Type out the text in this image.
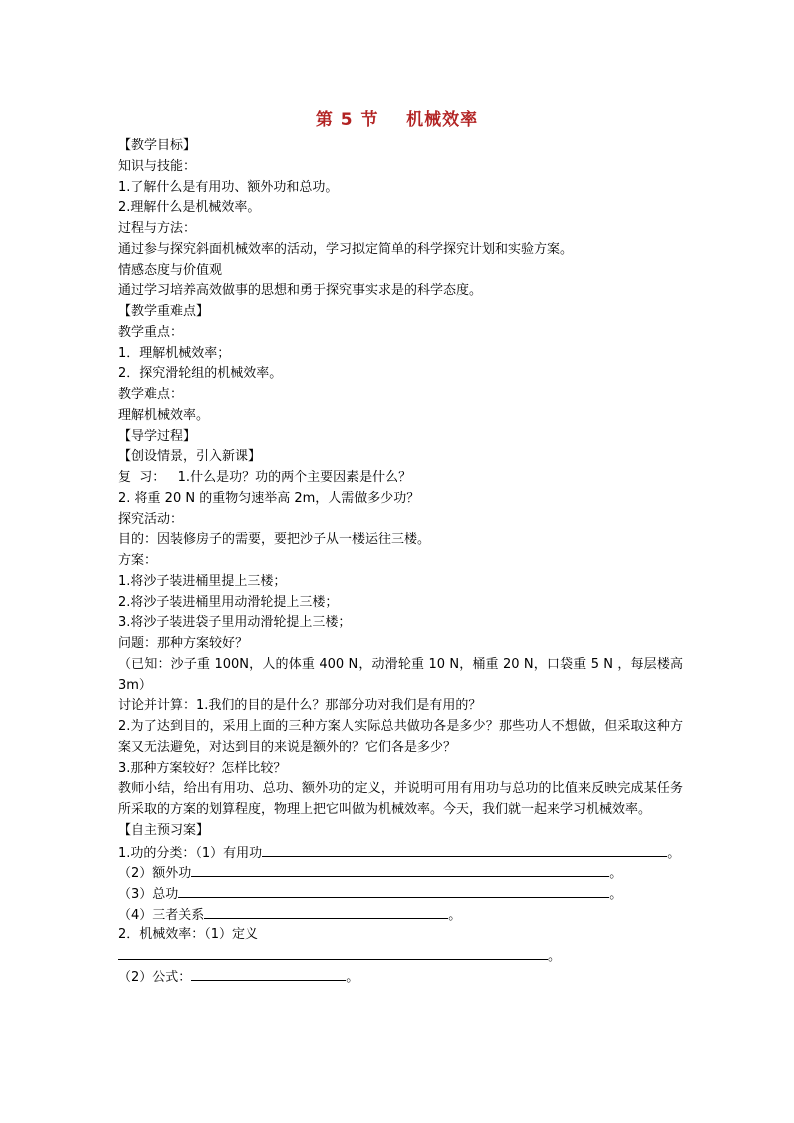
第 5 节    机械效率
【教学目标】
知识与技能：
1.了解什么是有用功、额外功和总功。
2.理解什么是机械效率。
过程与方法：
通过参与探究斜面机械效率的活动，学习拟定简单的科学探究计划和实验方案。
情感态度与价值观
通过学习培养高效做事的思想和勇于探究事实求是的科学态度。
【教学重难点】
教学重点：
1．理解机械效率；
2．探究滑轮组的机械效率。
教学难点：
理解机械效率。
【导学过程】
【创设情景，引入新课】
复  习：   1.什么是功？功的两个主要因素是什么？
2. 将重 20 N 的重物匀速举高 2m，人需做多少功？
探究活动：
目的：因装修房子的需要，要把沙子从一楼运往三楼。
方案：
1.将沙子装进桶里提上三楼；
2.将沙子装进桶里用动滑轮提上三楼；
3.将沙子装进袋子里用动滑轮提上三楼；
问题：那种方案较好？
（已知：沙子重 100N，人的体重 400 N，动滑轮重 10 N，桶重 20 N，口袋重 5 N ，每层楼高 3m）
讨论并计算：1.我们的目的是什么？那部分功对我们是有用的？
2.为了达到目的，采用上面的三种方案人实际总共做功各是多少？那些功人不想做，但采取这种方案又无法避免，对达到目的来说是额外的？它们各是多少？
3.那种方案较好？怎样比较？
教师小结，给出有用功、总功、额外功的定义，并说明可用有用功与总功的比值来反映完成某任务所采取的方案的划算程度，物理上把它叫做为机械效率。今天，我们就一起来学习机械效率。
【自主预习案】
1.功的分类：（1）有用功	。
（2）额外功	。
（3）总功	。
（4）三者关系	。
2．机械效率：（1）定义
。
（2）公式：	。
